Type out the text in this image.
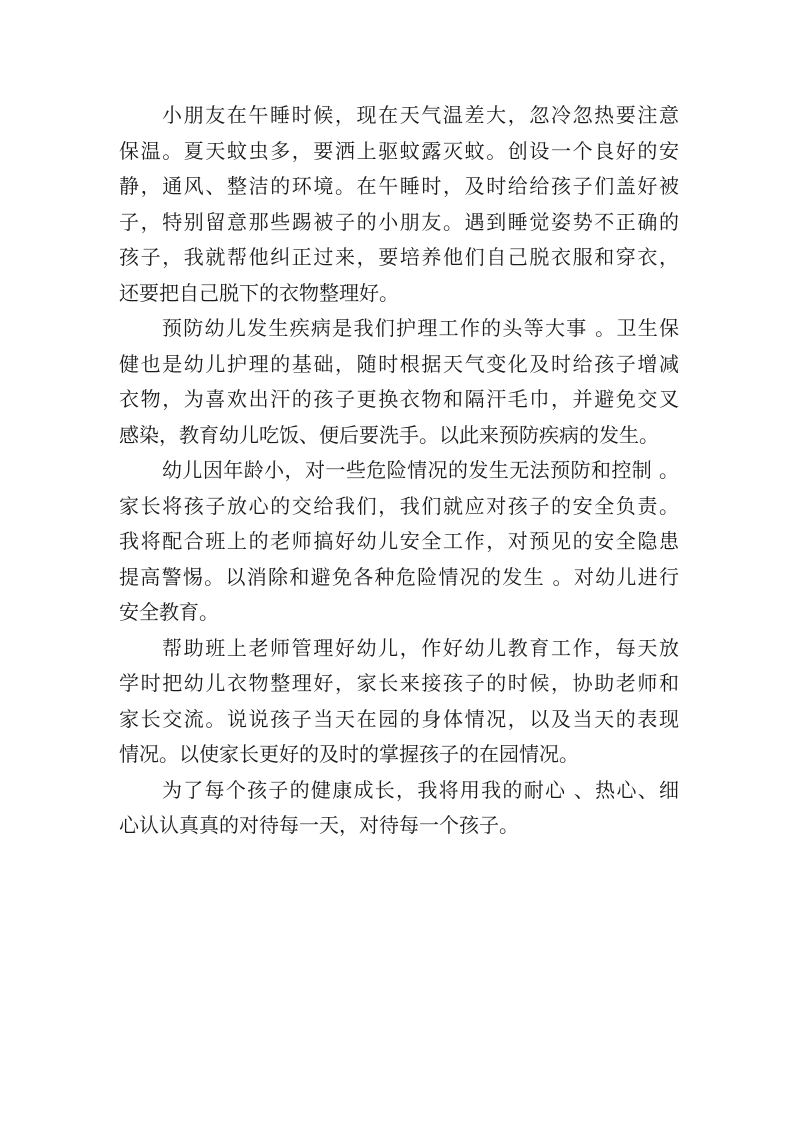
小朋友在午睡时候，现在天气温差大，忽冷忽热要注意
保温。夏天蚊虫多，要洒上驱蚊露灭蚊。创设一个良好的安
静，通风、整洁的环境。在午睡时，及时给给孩子们盖好被
子，特别留意那些踢被子的小朋友。遇到睡觉姿势不正确的
孩子，我就帮他纠正过来，要培养他们自己脱衣服和穿衣，
还要把自己脱下的衣物整理好。
预防幼儿发生疾病是我们护理工作的头等大事 。卫生保
健也是幼儿护理的基础，随时根据天气变化及时给孩子增减
衣物，为喜欢出汗的孩子更换衣物和隔汗毛巾，并避免交叉
感染，教育幼儿吃饭、便后要洗手。以此来预防疾病的发生。
幼儿因年龄小，对一些危险情况的发生无法预防和控制 。
家长将孩子放心的交给我们，我们就应对孩子的安全负责。
我将配合班上的老师搞好幼儿安全工作，对预见的安全隐患
提高警惕。以消除和避免各种危险情况的发生 。对幼儿进行
安全教育。
帮助班上老师管理好幼儿，作好幼儿教育工作，每天放
学时把幼儿衣物整理好，家长来接孩子的时候，协助老师和
家长交流。说说孩子当天在园的身体情况，以及当天的表现
情况。以使家长更好的及时的掌握孩子的在园情况。
为了每个孩子的健康成长，我将用我的耐心 、热心、细
心认认真真的对待每一天，对待每一个孩子。
